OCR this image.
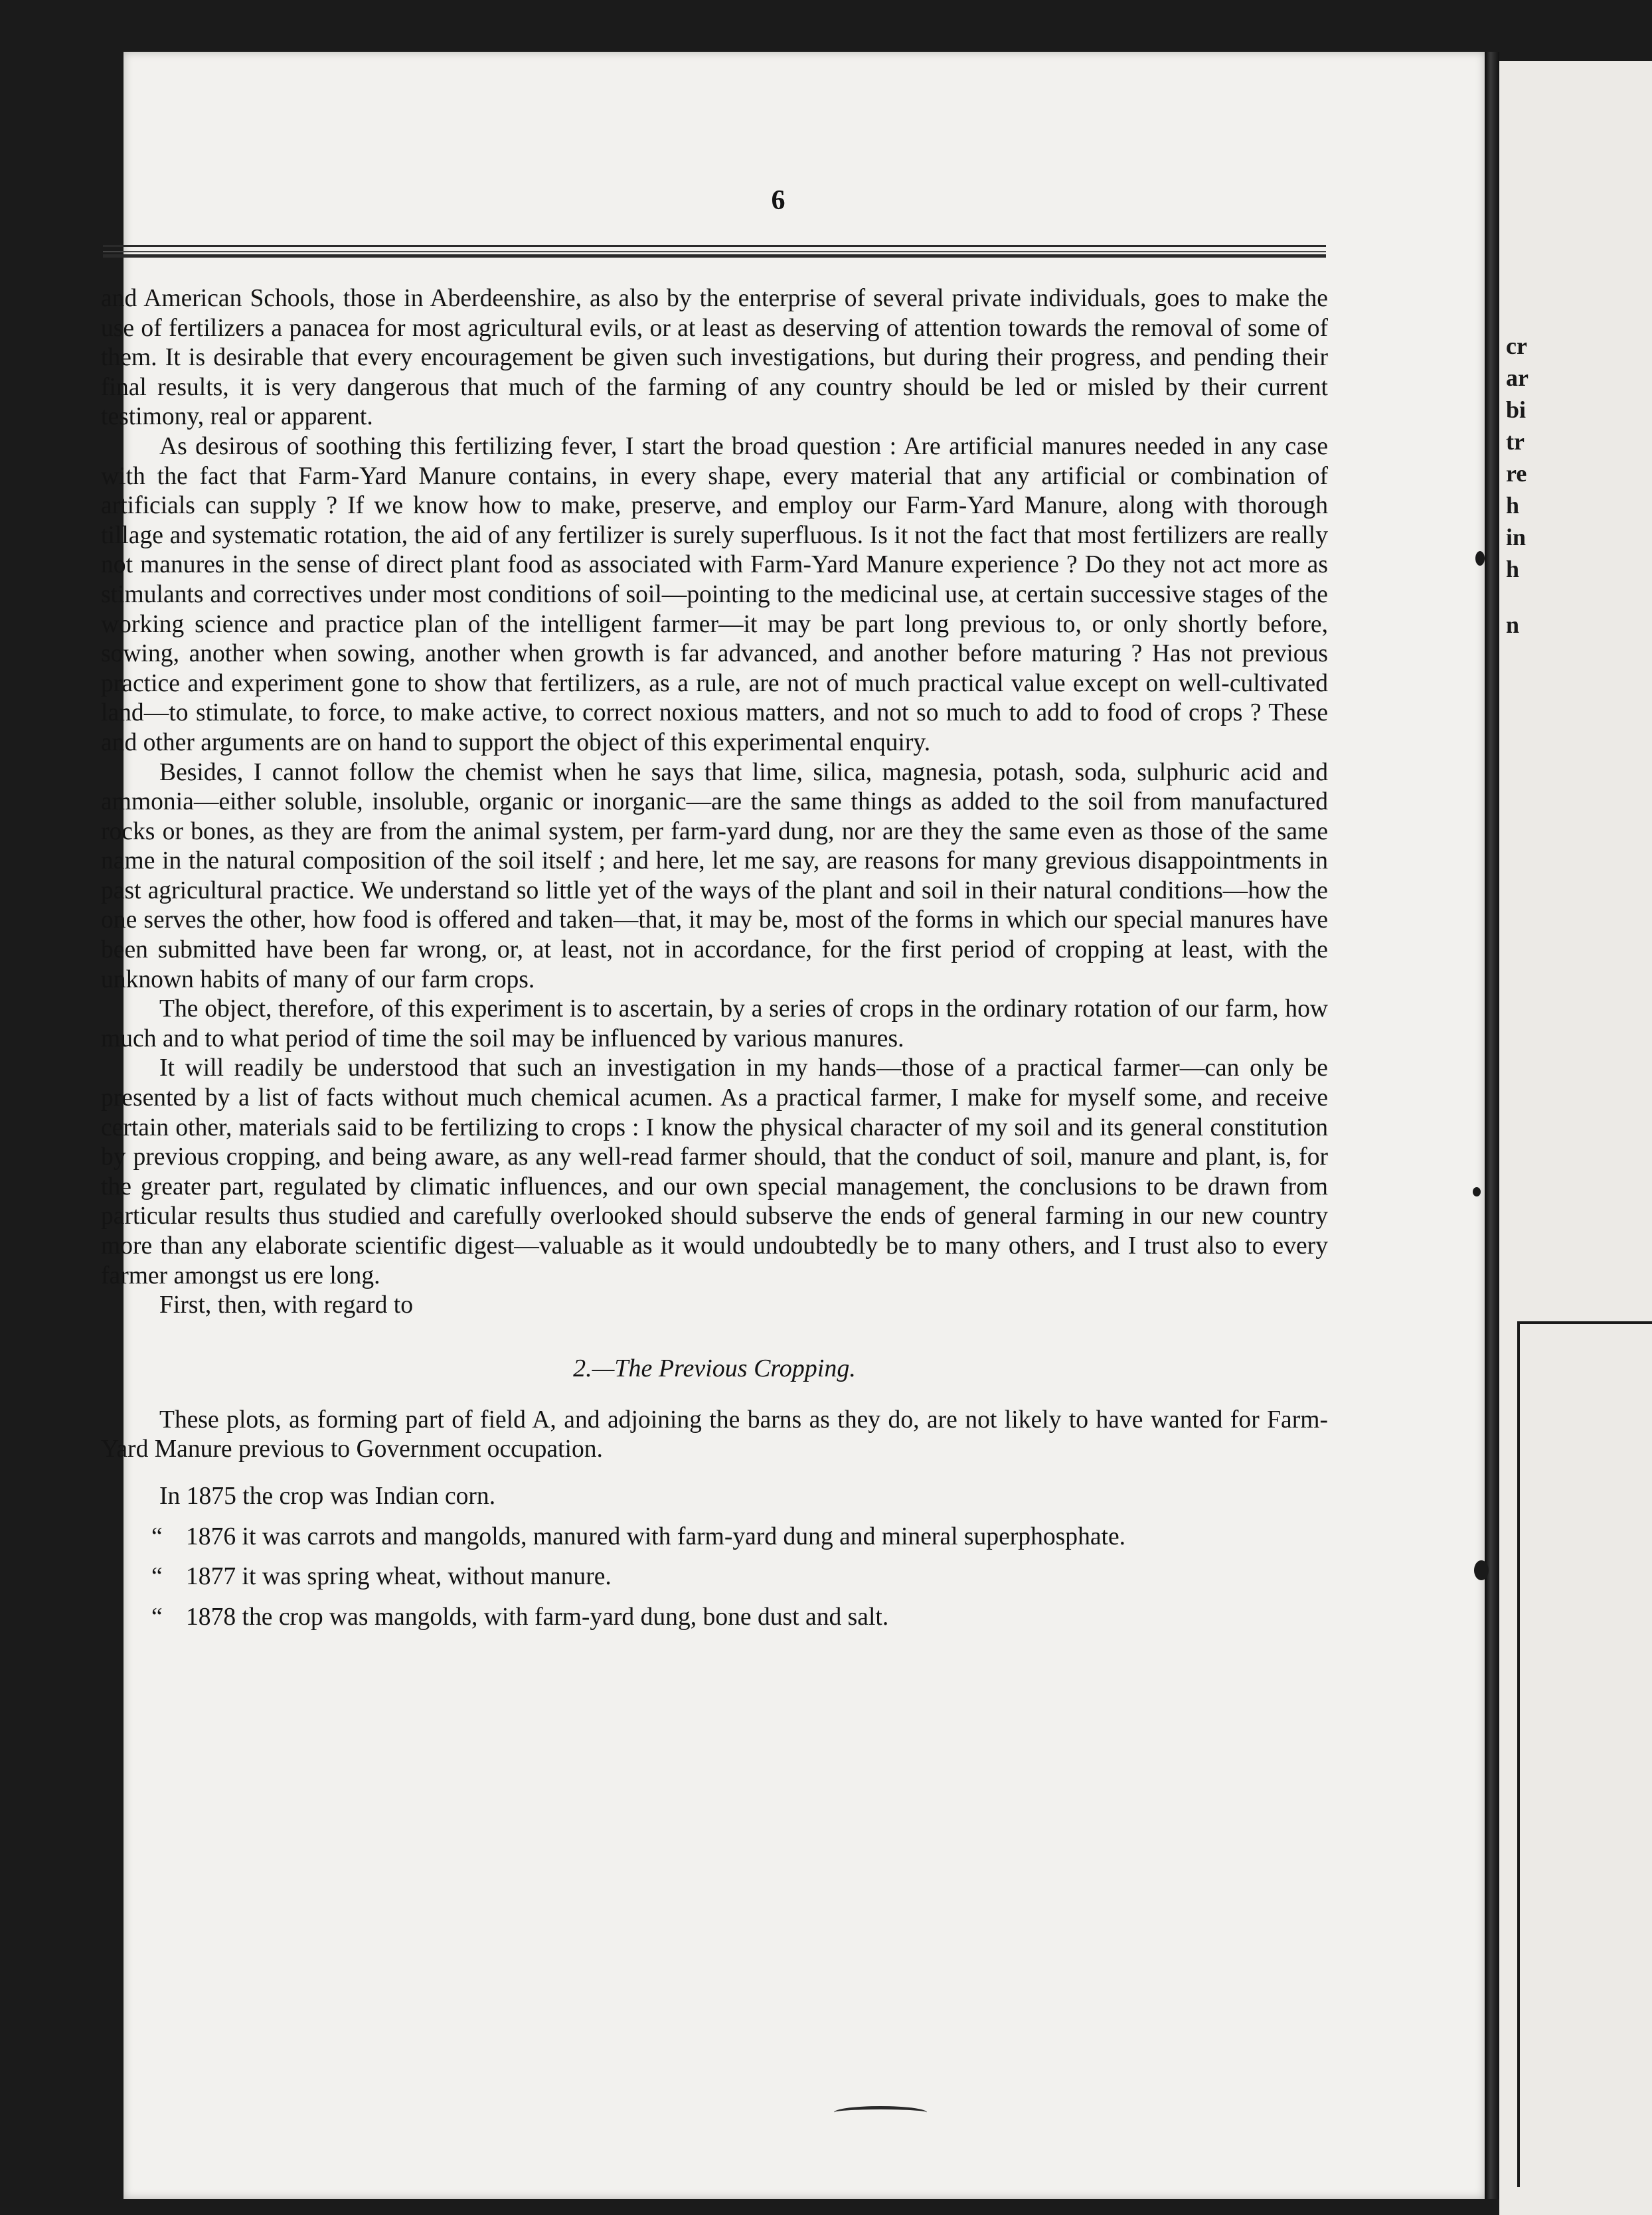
cr
ar
bi
tr
re
h
in
h
n
6

and American Schools, those in Aberdeenshire, as also by the enterprise of several private individuals, goes to make the use of fertilizers a panacea for most agricultural evils, or at least as deserving of attention towards the removal of some of them. It is desirable that every encouragement be given such investigations, but during their progress, and pending their final results, it is very dangerous that much of the farming of any country should be led or misled by their current testimony, real or apparent.

As desirous of soothing this fertilizing fever, I start the broad question : Are artificial manures needed in any case with the fact that Farm-Yard Manure contains, in every shape, every material that any artificial or combination of artificials can supply ? If we know how to make, preserve, and employ our Farm-Yard Manure, along with thorough tillage and systematic rotation, the aid of any fertilizer is surely superfluous. Is it not the fact that most fertilizers are really not manures in the sense of direct plant food as associated with Farm-Yard Manure experience ? Do they not act more as stimulants and correctives under most conditions of soil—pointing to the medicinal use, at certain successive stages of the working science and practice plan of the intelligent farmer—it may be part long previous to, or only shortly before, sowing, another when sowing, another when growth is far advanced, and another before maturing ? Has not previous practice and experiment gone to show that fertilizers, as a rule, are not of much practical value except on well-cultivated land—to stimulate, to force, to make active, to correct noxious matters, and not so much to add to food of crops ? These and other arguments are on hand to support the object of this experimental enquiry.

Besides, I cannot follow the chemist when he says that lime, silica, magnesia, potash, soda, sulphuric acid and ammonia—either soluble, insoluble, organic or inorganic—are the same things as added to the soil from manufactured rocks or bones, as they are from the animal system, per farm-yard dung, nor are they the same even as those of the same name in the natural composition of the soil itself ; and here, let me say, are reasons for many grevious disappointments in past agricultural practice. We understand so little yet of the ways of the plant and soil in their natural conditions—how the one serves the other, how food is offered and taken—that, it may be, most of the forms in which our special manures have been submitted have been far wrong, or, at least, not in accordance, for the first period of cropping at least, with the unknown habits of many of our farm crops.

The object, therefore, of this experiment is to ascertain, by a series of crops in the ordinary rotation of our farm, how much and to what period of time the soil may be influenced by various manures.

It will readily be understood that such an investigation in my hands—those of a practical farmer—can only be presented by a list of facts without much chemical acumen. As a practical farmer, I make for myself some, and receive certain other, materials said to be fertilizing to crops : I know the physical character of my soil and its general constitution by previous cropping, and being aware, as any well-read farmer should, that the conduct of soil, manure and plant, is, for the greater part, regulated by climatic influences, and our own special management, the conclusions to be drawn from particular results thus studied and carefully overlooked should subserve the ends of general farming in our new country more than any elaborate scientific digest—valuable as it would undoubtedly be to many others, and I trust also to every farmer amongst us ere long.

First, then, with regard to

2.—The Previous Cropping.

These plots, as forming part of field A, and adjoining the barns as they do, are not likely to have wanted for Farm-Yard Manure previous to Government occupation.

In 1875 the crop was Indian corn.

“ 1876 it was carrots and mangolds, manured with farm-yard dung and mineral superphosphate.

“ 1877 it was spring wheat, without manure.

“ 1878 the crop was mangolds, with farm-yard dung, bone dust and salt.
